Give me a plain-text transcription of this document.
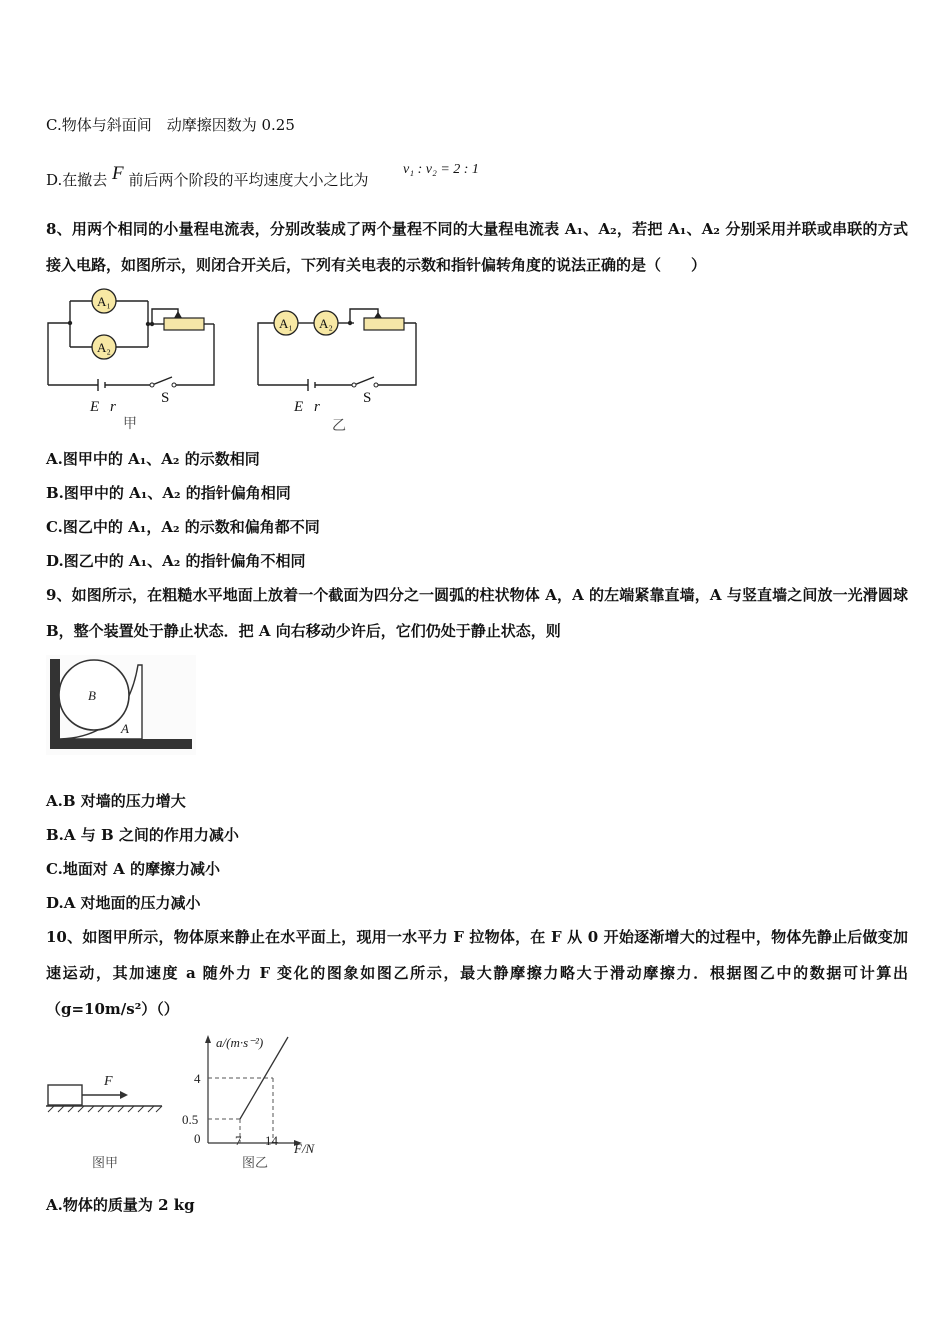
C.物体与斜面间　动摩擦因数为 0.25
D.在撤去 F 前后两个阶段的平均速度大小之比为
v₁ : v₂ = 2 : 1
8、用两个相同的小量程电流表，分别改装成了两个量程不同的大量程电流表 A₁、A₂，若把 A₁、A₂ 分别采用并联或串联的方式接入电路，如图所示，则闭合开关后，下列有关电表的示数和指针偏转角度的说法正确的是（　　）
A₁
A₂
A₁ A₂
E r	E r
S	S
甲	乙
A.图甲中的 A₁、A₂ 的示数相同
B.图甲中的 A₁、A₂ 的指针偏角相同
C.图乙中的 A₁，A₂ 的示数和偏角都不同
D.图乙中的 A₁、A₂ 的指针偏角不相同
9、如图所示，在粗糙水平地面上放着一个截面为四分之一圆弧的柱状物体 A，A 的左端紧靠直墙，A 与竖直墙之间放一光滑圆球 B，整个装置处于静止状态．把 A 向右移动少许后，它们仍处于静止状态，则
B
A
A.B 对墙的压力增大
B.A 与 B 之间的作用力减小
C.地面对 A 的摩擦力减小
D.A 对地面的压力减小
10、如图甲所示，物体原来静止在水平面上，现用一水平力 F 拉物体，在 F 从 0 开始逐渐增大的过程中，物体先静止后做变加速运动，其加速度 a 随外力 F 变化的图象如图乙所示，最大静摩擦力略大于滑动摩擦力．根据图乙中的数据可计算出（g=10m/s²）（）
F
图甲
a/(m·s⁻²)
4
0.5
0	7 14
F/N
图乙
A.物体的质量为 2 kg
